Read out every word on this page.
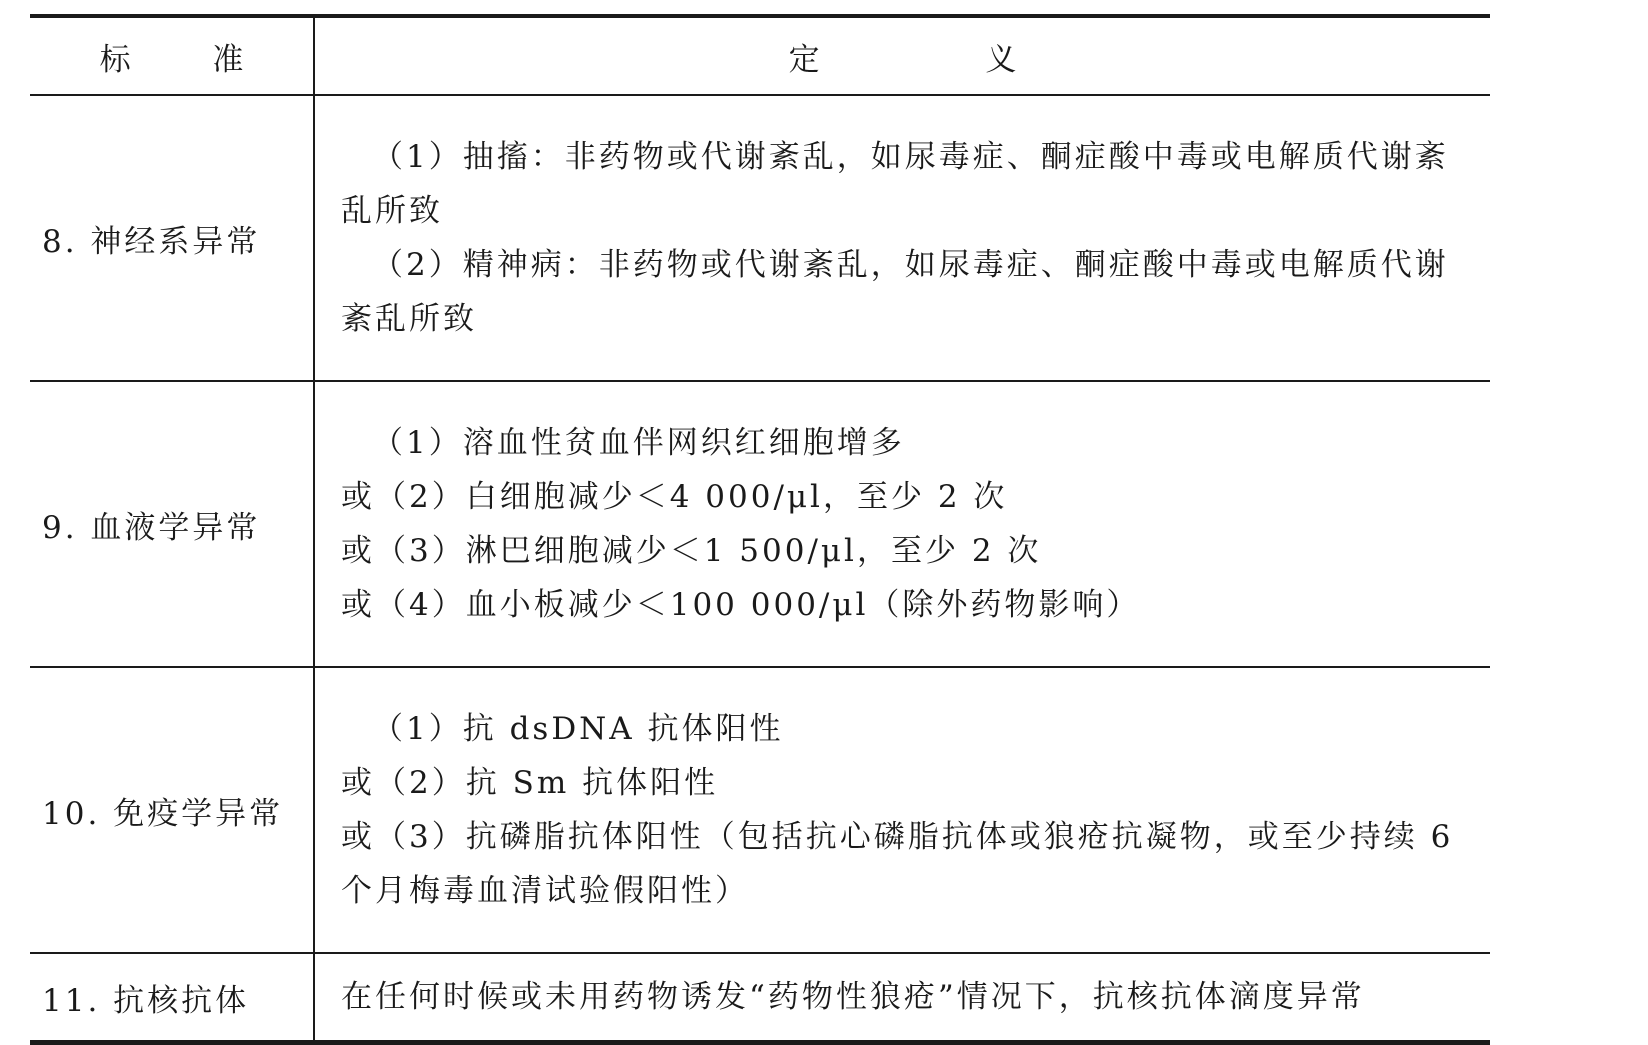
标 准	定 义
8. 神经系异常	（1）抽搐：非药物或代谢紊乱，如尿毒症、酮症酸中毒或电解质代谢紊乱所致
（2）精神病：非药物或代谢紊乱，如尿毒症、酮症酸中毒或电解质代谢紊乱所致

9. 血液学异常	（1）溶血性贫血伴网织红细胞增多
或（2）白细胞减少＜4 000/μl，至少 2 次
或（3）淋巴细胞减少＜1 500/μl，至少 2 次
或（4）血小板减少＜100 000/μl（除外药物影响）

10. 免疫学异常	（1）抗 dsDNA 抗体阳性
或（2）抗 Sm 抗体阳性
或（3）抗磷脂抗体阳性（包括抗心磷脂抗体或狼疮抗凝物，或至少持续 6 个月梅毒血清试验假阳性）

11. 抗核抗体	在任何时候或未用药物诱发“药物性狼疮”情况下，抗核抗体滴度异常
